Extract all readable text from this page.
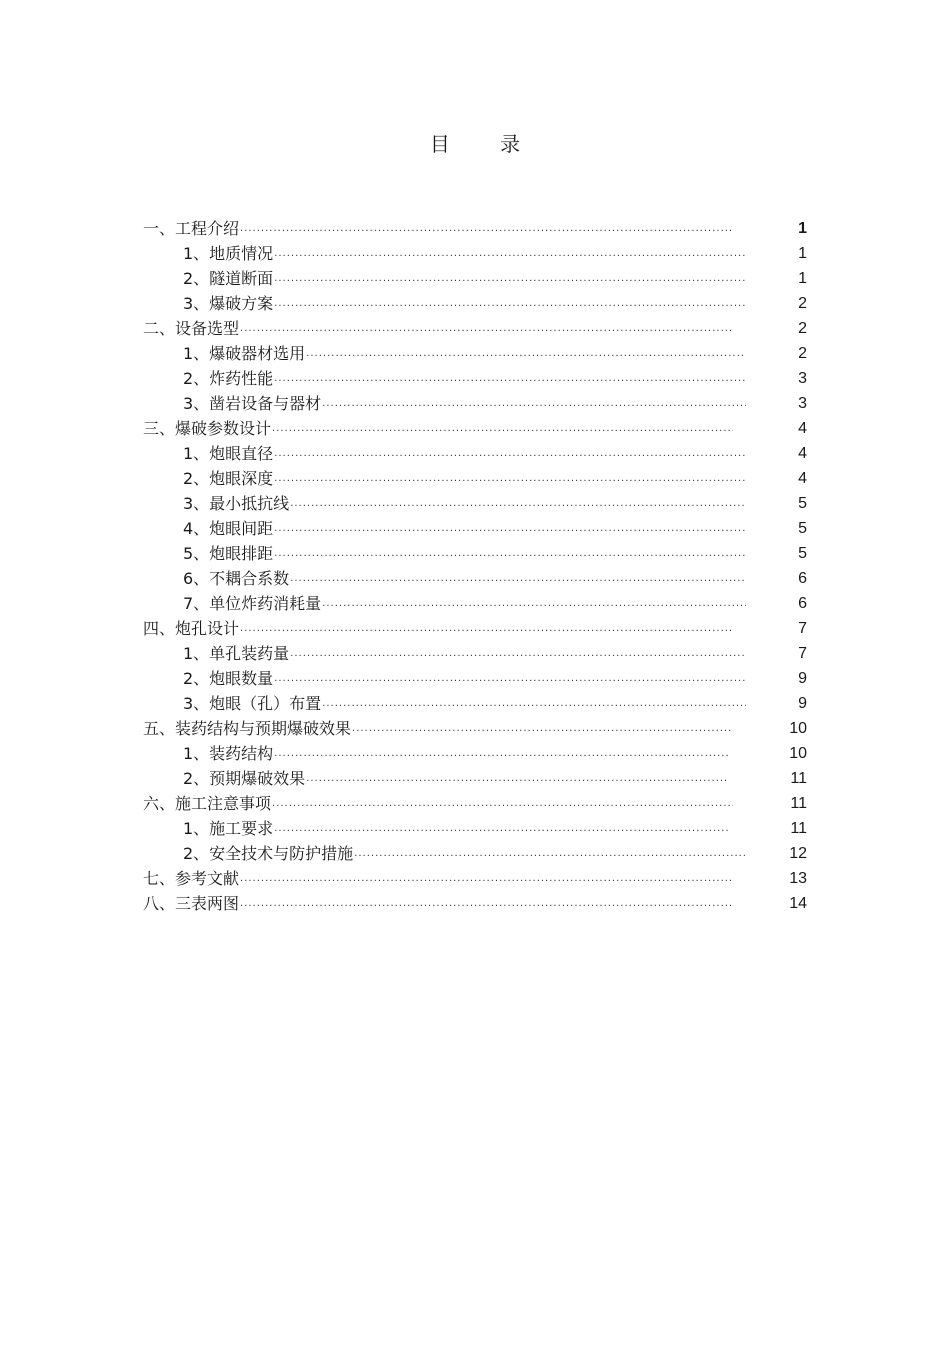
目 录
一、工程介绍 ·····	1
1、地质情况 ·····	1
2、隧道断面 ·····	1
3、爆破方案 ·····	2
二、设备选型 ·····	2
1、爆破器材选用 ·····	2
2、炸药性能 ·····	3
3、凿岩设备与器材 ·····	3
三、爆破参数设计 ·····	4
1、炮眼直径 ·····	4
2、炮眼深度 ·····	4
3、最小抵抗线 ·····	5
4、炮眼间距 ·····	5
5、炮眼排距 ·····	5
6、不耦合系数 ·····	6
7、单位炸药消耗量 ·····	6
四、炮孔设计 ·····	7
1、单孔装药量 ·····	7
2、炮眼数量 ·····	9
3、炮眼（孔）布置 ·····	9
五、装药结构与预期爆破效果 ·····	10
1、装药结构 ·····	10
2、预期爆破效果 ·····	11
六、施工注意事项 ·····	11
1、施工要求 ·····	11
2、安全技术与防护措施 ·····	12
七、参考文献 ·····	13
八、三表两图 ·····	14
